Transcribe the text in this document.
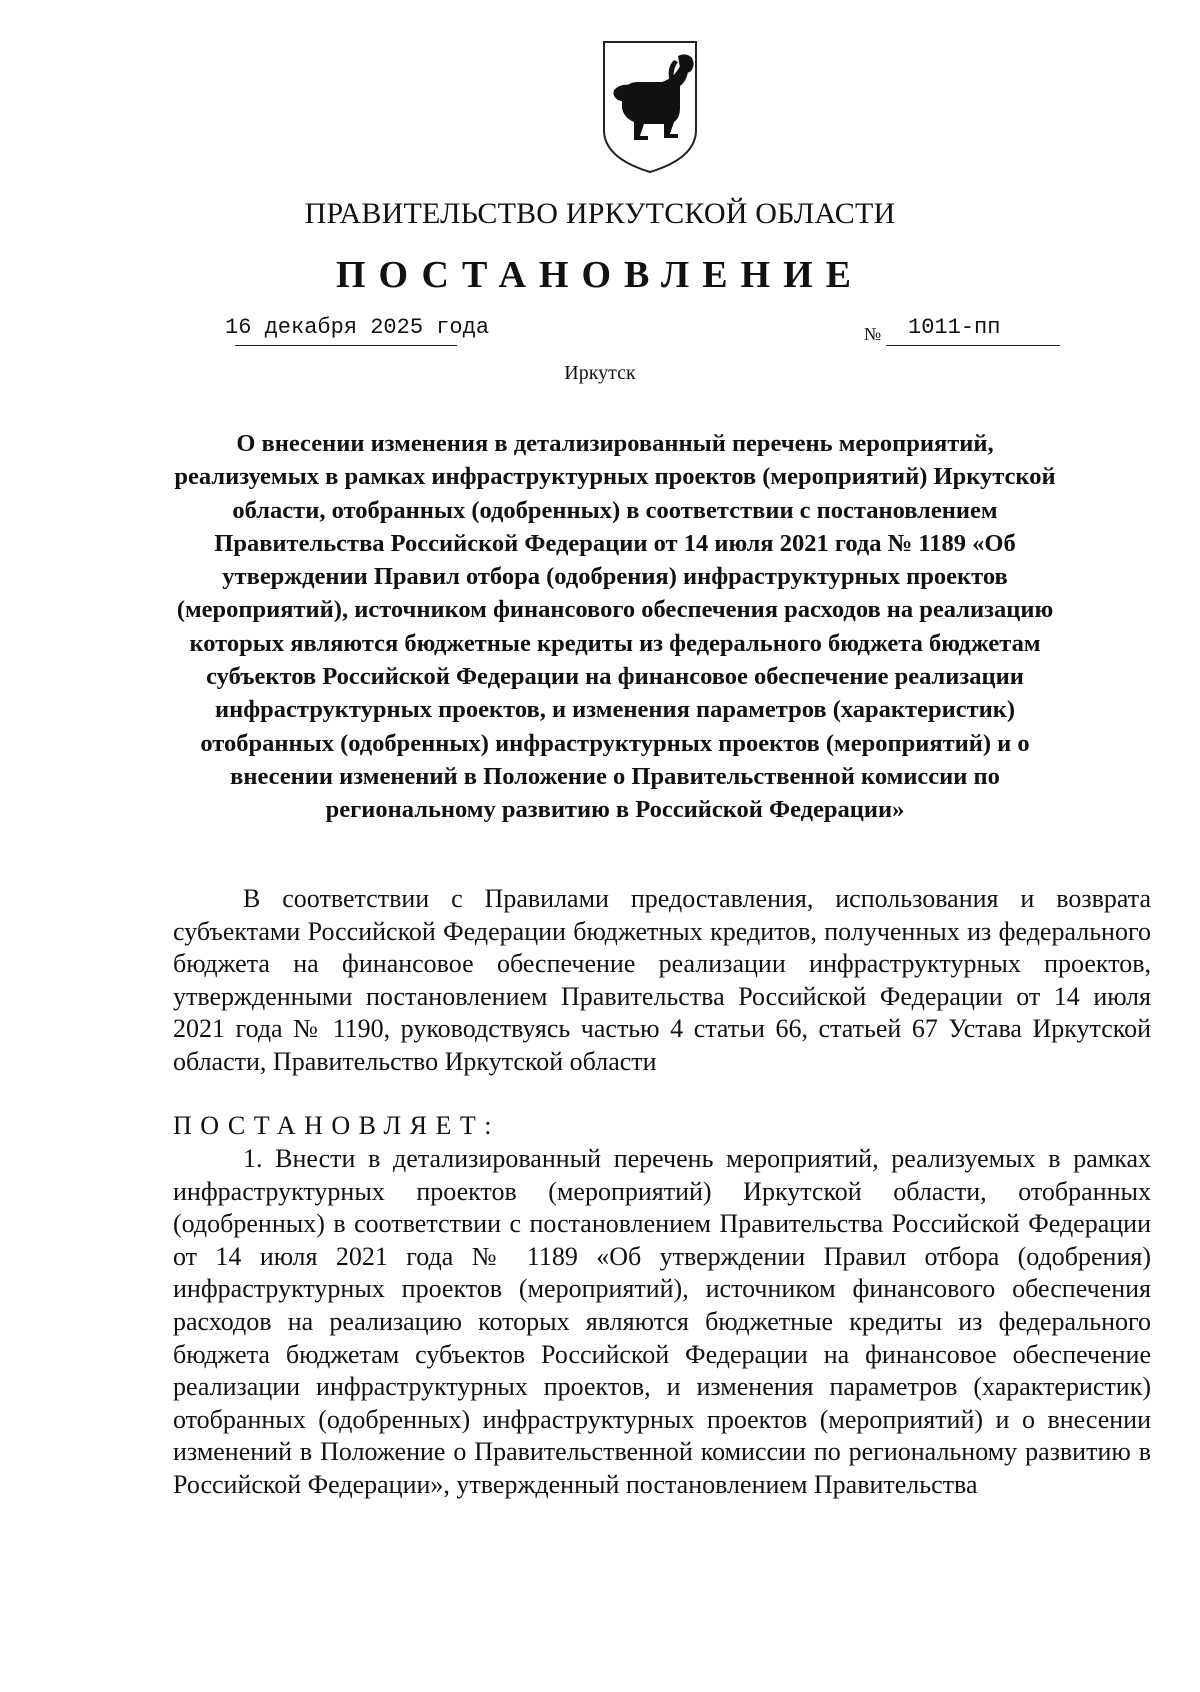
ПРАВИТЕЛЬСТВО ИРКУТСКОЙ ОБЛАСТИ
ПОСТАНОВЛЕНИЕ
16 декабря 2025 года	№ 1011-пп
Иркутск
О внесении изменения в детализированный перечень мероприятий, реализуемых в рамках инфраструктурных проектов (мероприятий) Иркутской области, отобранных (одобренных) в соответствии с постановлением Правительства Российской Федерации от 14 июля 2021 года № 1189 «Об утверждении Правил отбора (одобрения) инфраструктурных проектов (мероприятий), источником финансового обеспечения расходов на реализацию которых являются бюджетные кредиты из федерального бюджета бюджетам субъектов Российской Федерации на финансовое обеспечение реализации инфраструктурных проектов, и изменения параметров (характеристик) отобранных (одобренных) инфраструктурных проектов (мероприятий) и о внесении изменений в Положение о Правительственной комиссии по региональному развитию в Российской Федерации»
В соответствии с Правилами предоставления, использования и возврата субъектами Российской Федерации бюджетных кредитов, полученных из федерального бюджета на финансовое обеспечение реализации инфраструктурных проектов, утвержденными постановлением Правительства Российской Федерации от 14 июля 2021 года № 1190, руководствуясь частью 4 статьи 66, статьей 67 Устава Иркутской области, Правительство Иркутской области
ПОСТАНОВЛЯЕТ:
1. Внести в детализированный перечень мероприятий, реализуемых в рамках инфраструктурных проектов (мероприятий) Иркутской области, отобранных (одобренных) в соответствии с постановлением Правительства Российской Федерации от 14 июля 2021 года № 1189 «Об утверждении Правил отбора (одобрения) инфраструктурных проектов (мероприятий), источником финансового обеспечения расходов на реализацию которых являются бюджетные кредиты из федерального бюджета бюджетам субъектов Российской Федерации на финансовое обеспечение реализации инфраструктурных проектов, и изменения параметров (характеристик) отобранных (одобренных) инфраструктурных проектов (мероприятий) и о внесении изменений в Положение о Правительственной комиссии по региональному развитию в Российской Федерации», утвержденный постановлением Правительства
